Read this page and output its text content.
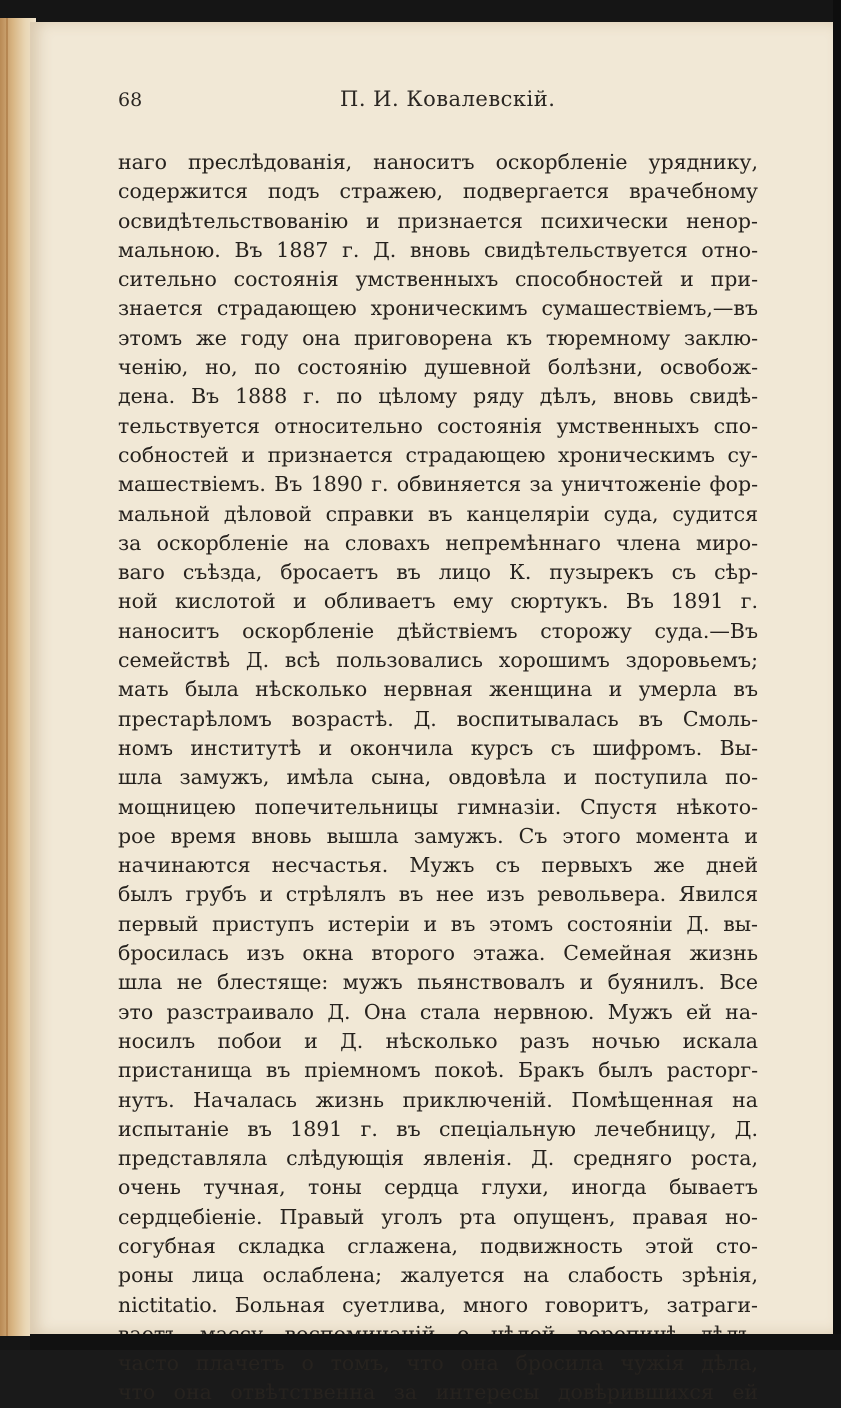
68	П. И. Ковалевскій.
наго преслѣдованія, наноситъ оскорбленіе уряднику,
содержится подъ стражею, подвергается врачебному
освидѣтельствованію и признается психически ненор-
мальною. Въ 1887 г. Д. вновь свидѣтельствуется отно-
сительно состоянія умственныхъ способностей и при-
знается страдающею хроническимъ сумашествіемъ,—въ
этомъ же году она приговорена къ тюремному заклю-
ченію, но, по состоянію душевной болѣзни, освобож-
дена. Въ 1888 г. по цѣлому ряду дѣлъ, вновь свидѣ-
тельствуется относительно состоянія умственныхъ спо-
собностей и признается страдающею хроническимъ су-
машествіемъ. Въ 1890 г. обвиняется за уничтоженіе фор-
мальной дѣловой справки въ канцеляріи суда, судится
за оскорбленіе на словахъ непремѣннаго члена миро-
ваго съѣзда, бросаетъ въ лицо К. пузырекъ съ сѣр-
ной кислотой и обливаетъ ему сюртукъ. Въ 1891 г.
наноситъ оскорбленіе дѣйствіемъ сторожу суда.—Въ
семействѣ Д. всѣ пользовались хорошимъ здоровьемъ;
мать была нѣсколько нервная женщина и умерла въ
престарѣломъ возрастѣ. Д. воспитывалась въ Смоль-
номъ институтѣ и окончила курсъ съ шифромъ. Вы-
шла замужъ, имѣла сына, овдовѣла и поступила по-
мощницею попечительницы гимназіи. Спустя нѣкото-
рое время вновь вышла замужъ. Съ этого момента и
начинаются несчастья. Мужъ съ первыхъ же дней
былъ грубъ и стрѣлялъ въ нее изъ револьвера. Явился
первый приступъ истеріи и въ этомъ состояніи Д. вы-
бросилась изъ окна второго этажа. Семейная жизнь
шла не блестяще: мужъ пьянствовалъ и буянилъ. Все
это разстраивало Д. Она стала нервною. Мужъ ей на-
носилъ побои и Д. нѣсколько разъ ночью искала
пристанища въ пріемномъ покоѣ. Бракъ былъ расторг-
нутъ. Началась жизнь приключеній. Помѣщенная на
испытаніе въ 1891 г. въ спеціальную лечебницу, Д.
представляла слѣдующія явленія. Д. средняго роста,
очень тучная, тоны сердца глухи, иногда бываетъ
сердцебіеніе. Правый уголъ рта опущенъ, правая но-
согубная складка сглажена, подвижность этой сто-
роны лица ослаблена; жалуется на слабость зрѣнія,
nictitatio. Больная суетлива, много говоритъ, затраги-
часто плачетъ о томъ, что она бросила чужія дѣла,
что она отвѣтственна за интересы довѣрившихся ей
